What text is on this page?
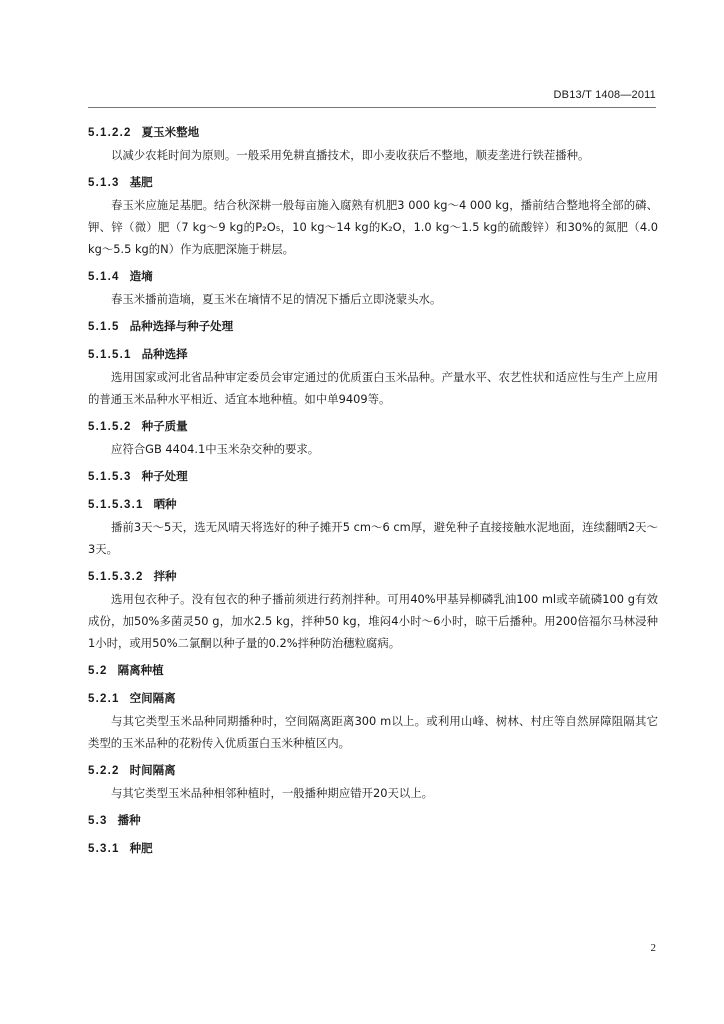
DB13/T 1408—2011
5.1.2.2 夏玉米整地

以减少农耗时间为原则。一般采用免耕直播技术，即小麦收获后不整地，顺麦垄进行铁茬播种。

5.1.3 基肥

春玉米应施足基肥。结合秋深耕一般每亩施入腐熟有机肥3 000 kg～4 000 kg，播前结合整地将全部的磷、钾、锌（微）肥（7 kg～9 kg的P₂O₅，10 kg～14 kg的K₂O，1.0 kg～1.5 kg的硫酸锌）和30%的氮肥（4.0 kg～5.5 kg的N）作为底肥深施于耕层。

5.1.4 造墒

春玉米播前造墒，夏玉米在墒情不足的情况下播后立即浇蒙头水。

5.1.5 品种选择与种子处理
5.1.5.1 品种选择

选用国家或河北省品种审定委员会审定通过的优质蛋白玉米品种。产量水平、农艺性状和适应性与生产上应用的普通玉米品种水平相近、适宜本地种植。如中单9409等。

5.1.5.2 种子质量

应符合GB 4404.1中玉米杂交种的要求。

5.1.5.3 种子处理
5.1.5.3.1 晒种

播前3天～5天，选无风晴天将选好的种子摊开5 cm～6 cm厚，避免种子直接接触水泥地面，连续翻晒2天～3天。

5.1.5.3.2 拌种

选用包衣种子。没有包衣的种子播前须进行药剂拌种。可用40%甲基异柳磷乳油100 ml或辛硫磷100 g有效成份，加50%多菌灵50 g，加水2.5 kg，拌种50 kg，堆闷4小时～6小时，晾干后播种。用200倍福尔马林浸种1小时，或用50%二氯酮以种子量的0.2%拌种防治穗粒腐病。

5.2 隔离种植
5.2.1 空间隔离

与其它类型玉米品种同期播种时，空间隔离距离300 m以上。或利用山峰、树林、村庄等自然屏障阻隔其它类型的玉米品种的花粉传入优质蛋白玉米种植区内。

5.2.2 时间隔离

与其它类型玉米品种相邻种植时，一般播种期应错开20天以上。

5.3 播种
5.3.1 种肥
2
